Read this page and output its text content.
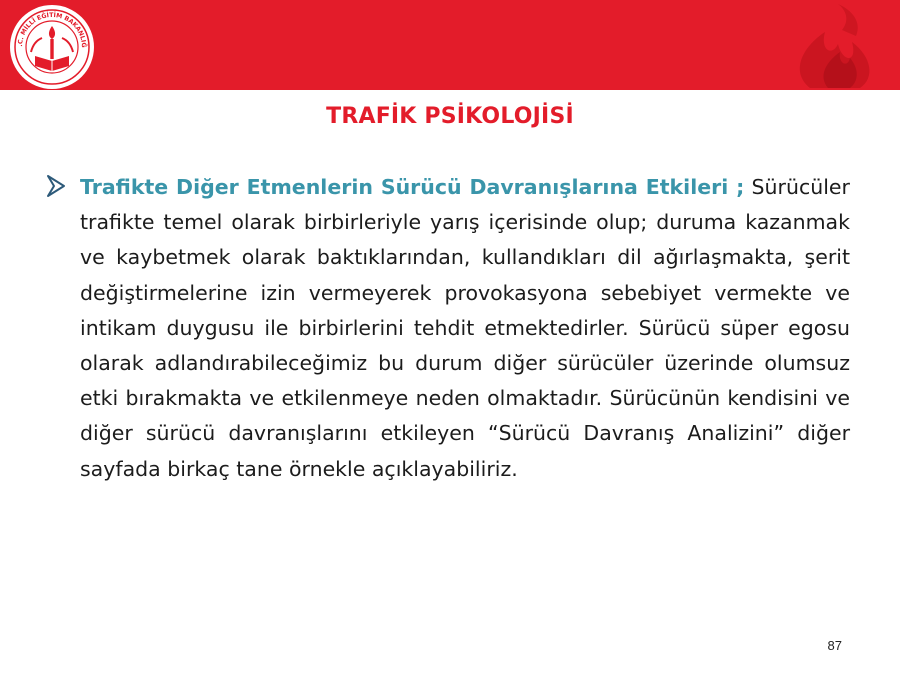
.C. MİLLÎ EĞİTİM BAKANLIĞ
TRAFİK PSİKOLOJİSİ
Trafikte Diğer Etmenlerin Sürücü Davranışlarına Etkileri ; Sürücüler trafikte temel olarak birbirleriyle yarış içerisinde olup; duruma kazanmak ve kaybetmek olarak baktıklarından, kullandıkları dil ağırlaşmakta, şerit değiştirmelerine izin vermeyerek provokasyona sebebiyet vermekte ve intikam duygusu ile birbirlerini tehdit etmektedirler. Sürücü süper egosu olarak adlandırabileceğimiz bu durum diğer sürücüler üzerinde olumsuz etki bırakmakta ve etkilenmeye neden olmaktadır. Sürücünün kendisini ve diğer sürücü davranışlarını etkileyen “Sürücü Davranış Analizini” diğer sayfada birkaç tane örnekle açıklayabiliriz.
87
